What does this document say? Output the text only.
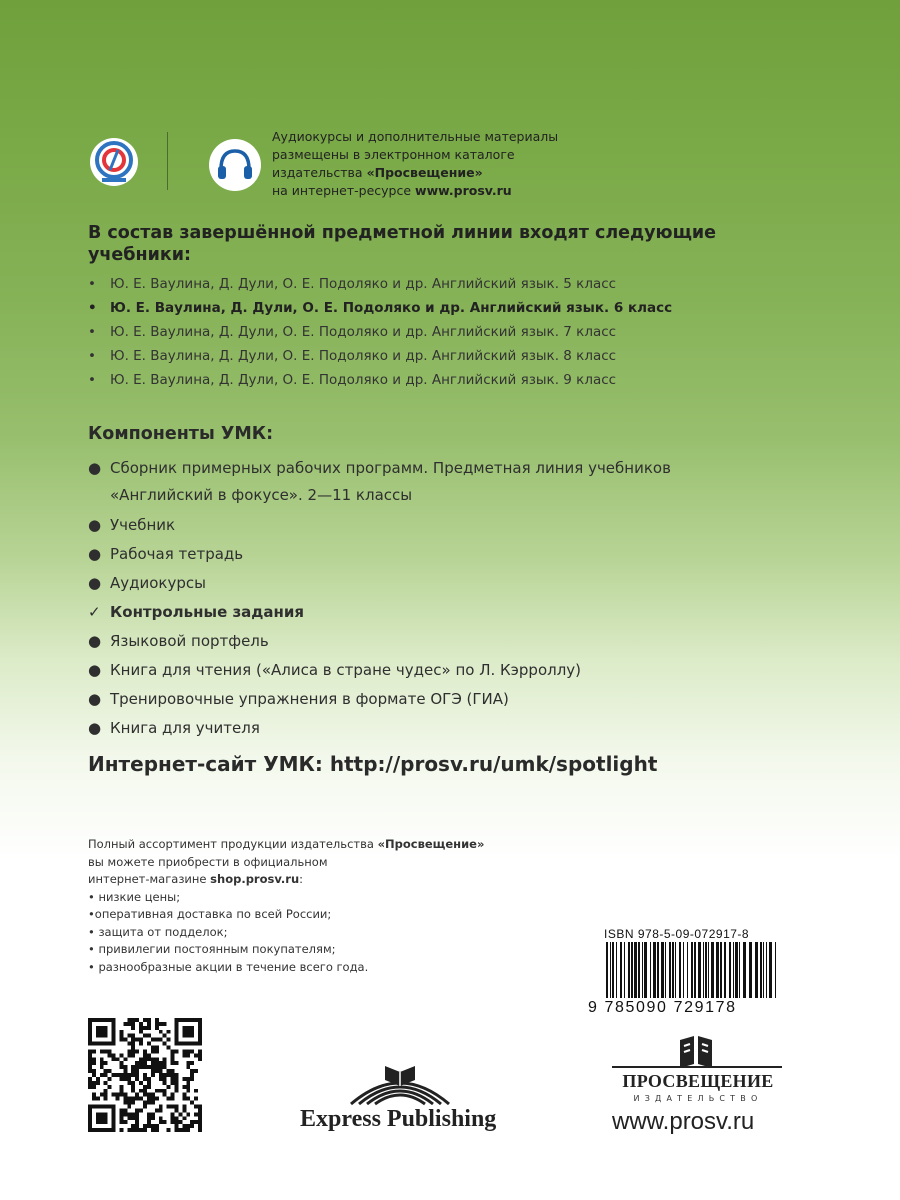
Аудиокурсы и дополнительные материалы
размещены в электронном каталоге
издательства «Просвещение»
на интернет-ресурсе www.prosv.ru
В состав завершённой предметной линии входят следующие учебники:
• Ю. Е. Ваулина, Д. Дули, О. Е. Подоляко и др. Английский язык. 5 класс
• Ю. Е. Ваулина, Д. Дули, О. Е. Подоляко и др. Английский язык. 6 класс
• Ю. Е. Ваулина, Д. Дули, О. Е. Подоляко и др. Английский язык. 7 класс
• Ю. Е. Ваулина, Д. Дули, О. Е. Подоляко и др. Английский язык. 8 класс
• Ю. Е. Ваулина, Д. Дули, О. Е. Подоляко и др. Английский язык. 9 класс
Компоненты УМК:
● Сборник примерных рабочих программ. Предметная линия учебников
«Английский в фокусе». 2—11 классы
● Учебник
● Рабочая тетрадь
● Аудиокурсы
✓ Контрольные задания
● Языковой портфель
● Книга для чтения («Алиса в стране чудес» по Л. Кэрроллу)
● Тренировочные упражнения в формате ОГЭ (ГИА)
● Книга для учителя
Интернет-сайт УМК: http://prosv.ru/umk/spotlight
Полный ассортимент продукции издательства «Просвещение»
вы можете приобрести в официальном
интернет-магазине shop.prosv.ru:
• низкие цены;
•оперативная доставка по всей России;
• защита от подделок;
• привилегии постоянным покупателям;
• разнообразные акции в течение всего года.
ISBN 978-5-09-072917-8
9 785090 729178
Express Publishing
ПРОСВЕЩЕНИЕ
ИЗДАТЕЛЬСТВО
www.prosv.ru
